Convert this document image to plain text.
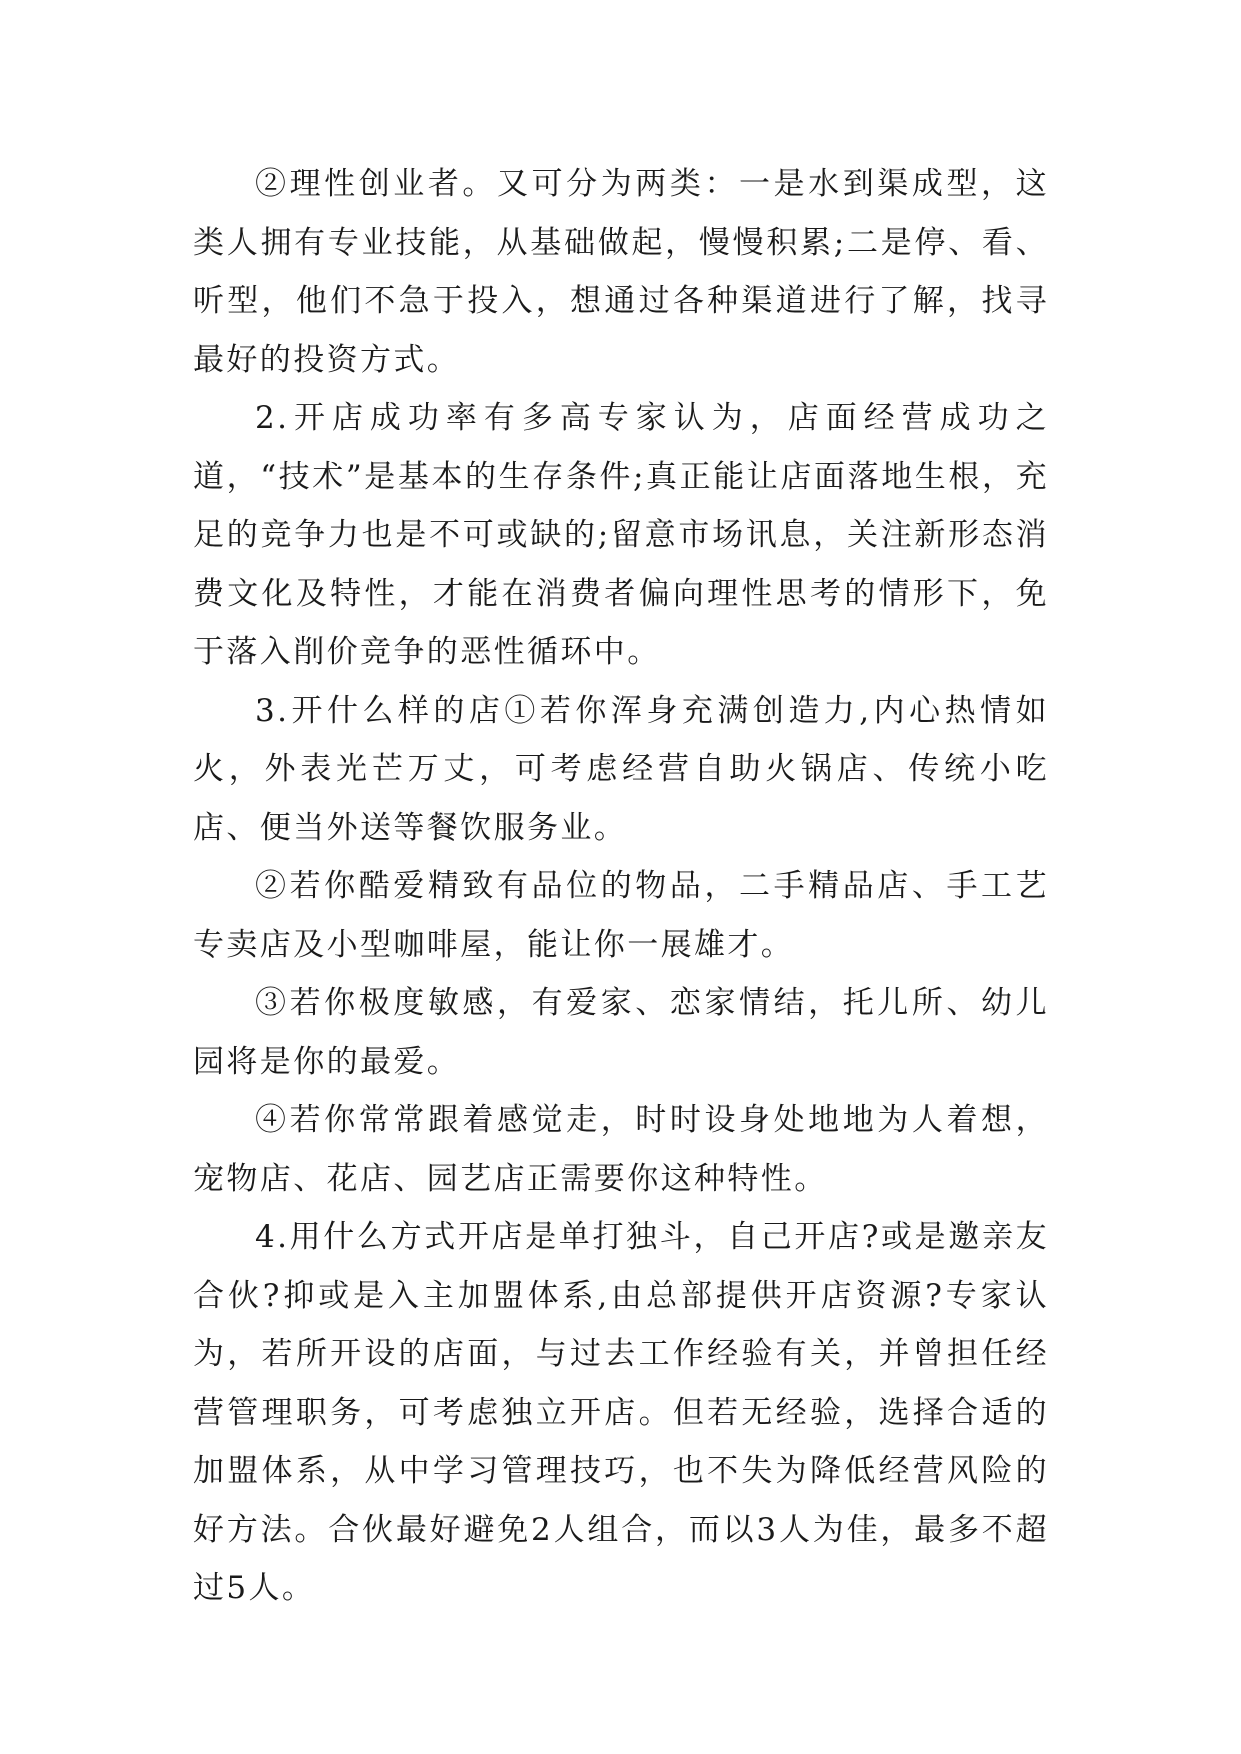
②理性创业者。又可分为两类：一是水到渠成型，这类人拥有专业技能，从基础做起，慢慢积累;二是停、看、听型，他们不急于投入，想通过各种渠道进行了解，找寻最好的投资方式。

2.开店成功率有多高专家认为，店面经营成功之道，“技术”是基本的生存条件;真正能让店面落地生根，充足的竞争力也是不可或缺的;留意市场讯息，关注新形态消费文化及特性，才能在消费者偏向理性思考的情形下，免于落入削价竞争的恶性循环中。

3.开什么样的店①若你浑身充满创造力,内心热情如火，外表光芒万丈，可考虑经营自助火锅店、传统小吃店、便当外送等餐饮服务业。

②若你酷爱精致有品位的物品，二手精品店、手工艺专卖店及小型咖啡屋，能让你一展雄才。

③若你极度敏感，有爱家、恋家情结，托儿所、幼儿园将是你的最爱。

④若你常常跟着感觉走，时时设身处地地为人着想，宠物店、花店、园艺店正需要你这种特性。

4.用什么方式开店是单打独斗，自己开店?或是邀亲友合伙?抑或是入主加盟体系,由总部提供开店资源?专家认为，若所开设的店面，与过去工作经验有关，并曾担任经营管理职务，可考虑独立开店。但若无经验，选择合适的加盟体系，从中学习管理技巧，也不失为降低经营风险的好方法。合伙最好避免2人组合，而以3人为佳，最多不超过5人。
